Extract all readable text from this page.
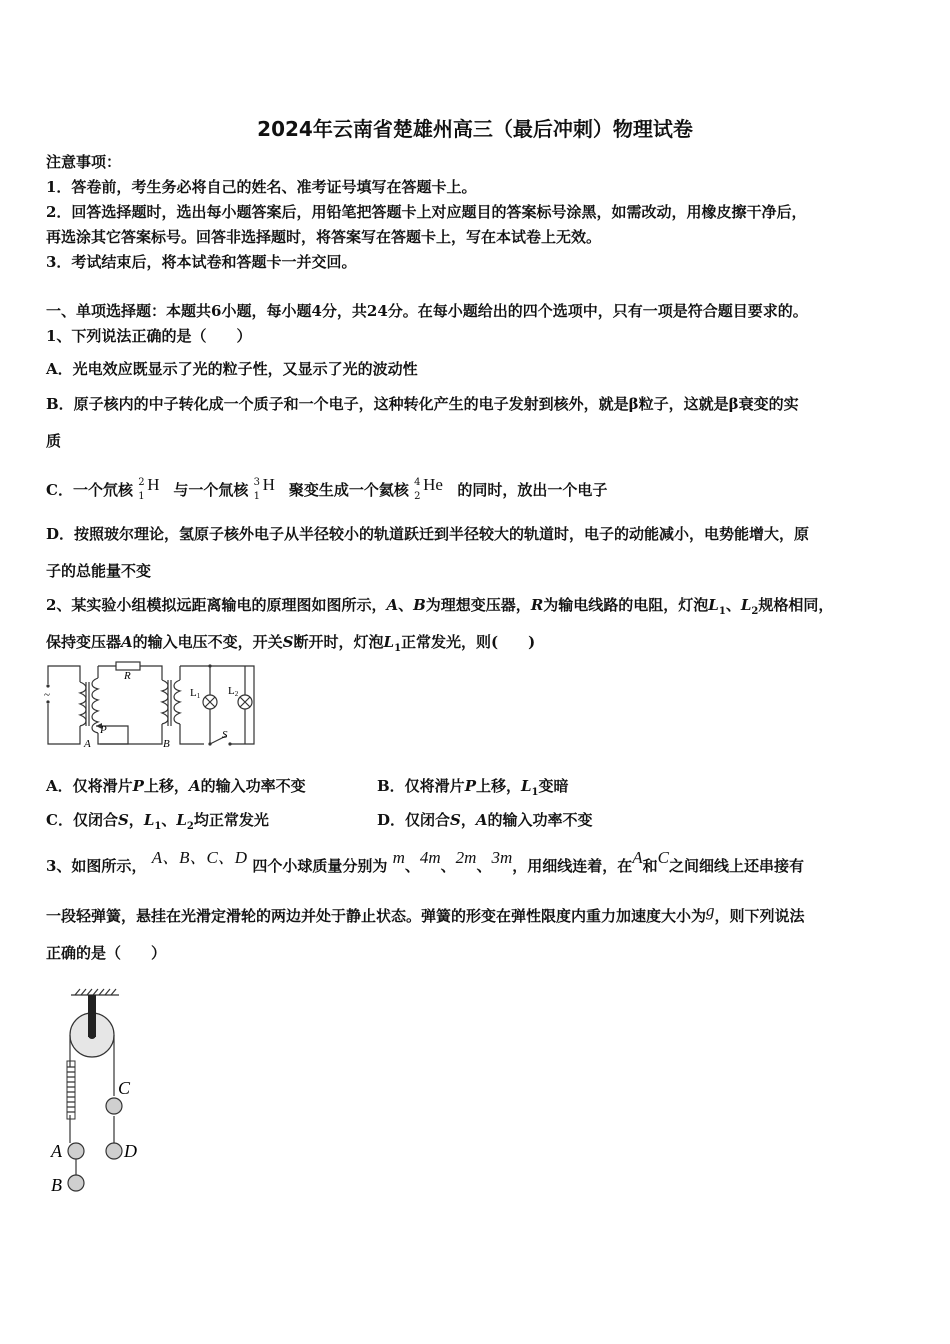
2024年云南省楚雄州高三（最后冲刺）物理试卷
注意事项：
1．答卷前，考生务必将自己的姓名、准考证号填写在答题卡上。
2．回答选择题时，选出每小题答案后，用铅笔把答题卡上对应题目的答案标号涂黑，如需改动，用橡皮擦干净后，
再选涂其它答案标号。回答非选择题时，将答案写在答题卡上，写在本试卷上无效。
3．考试结束后，将本试卷和答题卡一并交回。
一、单项选择题：本题共6小题，每小题4分，共24分。在每小题给出的四个选项中，只有一项是符合题目要求的。
1、下列说法正确的是（　　）
A．光电效应既显示了光的粒子性，又显示了光的波动性
B．原子核内的中子转化成一个质子和一个电子，这种转化产生的电子发射到核外，就是β粒子，这就是β衰变的实
质
C．一个氘核 2
1
H 与一个氚核 3
1
H 聚变生成一个氦核 4
2
He 的同时，放出一个电子
D．按照玻尔理论，氢原子核外电子从半径较小的轨道跃迁到半径较大的轨道时，电子的动能减小，电势能增大，原
子的总能量不变
2、某实验小组模拟远距离输电的原理图如图所示，A、B为理想变压器，R为输电线路的电阻，灯泡$L_1$、$L_2$规格相同，
保持变压器A的输入电压不变，开关S断开时，灯泡$L_1$正常发光，则(　　)
~
R
P
A	B
L1	L2
S
A．仅将滑片P上移，A的输入功率不变	B．仅将滑片P上移，$L_1$变暗
C．仅闭合S，$L_1$、$L_2$均正常发光	D．仅闭合S，A的输入功率不变
3、如图所示， A、B、C、D 四个小球质量分别为 m、4m、2m、3m，用细线连着，在A和C之间细线上还串接有
一段轻弹簧，悬挂在光滑定滑轮的两边并处于静止状态。弹簧的形变在弹性限度内重力加速度大小为g，则下列说法
正确的是（　　）
C
A	D
B
